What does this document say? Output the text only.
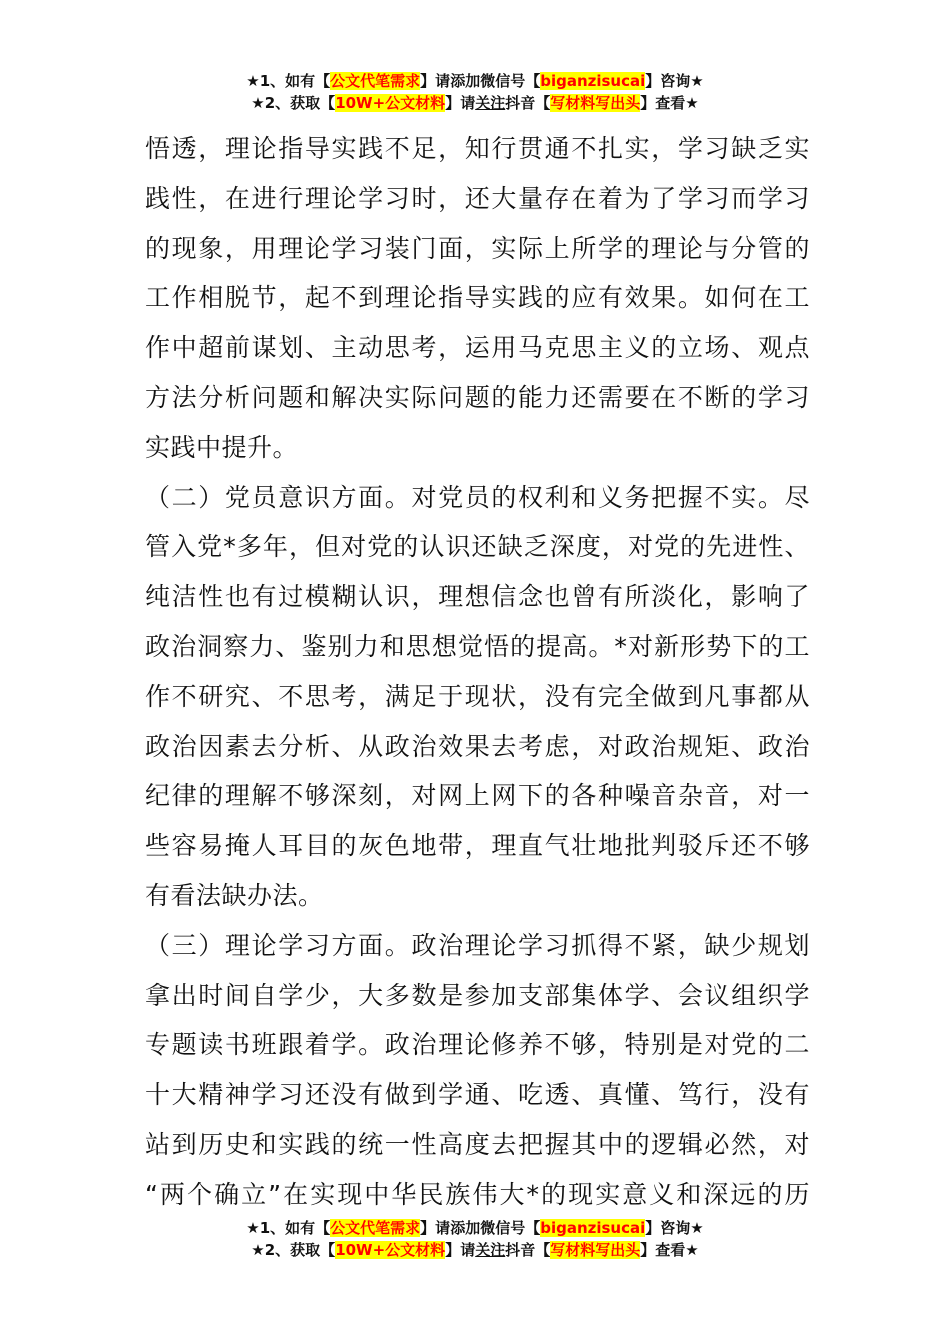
★1、如有【公文代笔需求】请添加微信号【biganzisucai】咨询★
★2、获取【10W+公文材料】请关注抖音【写材料写出头】查看★

悟透，理论指导实践不足，知行贯通不扎实，学习缺乏实
践性，在进行理论学习时，还大量存在着为了学习而学习
的现象，用理论学习装门面，实际上所学的理论与分管的
工作相脱节，起不到理论指导实践的应有效果。如何在工
作中超前谋划、主动思考，运用马克思主义的立场、观点
方法分析问题和解决实际问题的能力还需要在不断的学习
实践中提升。

（二）党员意识方面。对党员的权利和义务把握不实。尽
管入党*多年，但对党的认识还缺乏深度，对党的先进性、
纯洁性也有过模糊认识，理想信念也曾有所淡化，影响了
政治洞察力、鉴别力和思想觉悟的提高。*对新形势下的工
作不研究、不思考，满足于现状，没有完全做到凡事都从
政治因素去分析、从政治效果去考虑，对政治规矩、政治
纪律的理解不够深刻，对网上网下的各种噪音杂音，对一
些容易掩人耳目的灰色地带，理直气壮地批判驳斥还不够
有看法缺办法。

（三）理论学习方面。政治理论学习抓得不紧，缺少规划
拿出时间自学少，大多数是参加支部集体学、会议组织学
专题读书班跟着学。政治理论修养不够，特别是对党的二
十大精神学习还没有做到学通、吃透、真懂、笃行，没有
站到历史和实践的统一性高度去把握其中的逻辑必然，对
“两个确立”在实现中华民族伟大*的现实意义和深远的历

★1、如有【公文代笔需求】请添加微信号【biganzisucai】咨询★
★2、获取【10W+公文材料】请关注抖音【写材料写出头】查看★
